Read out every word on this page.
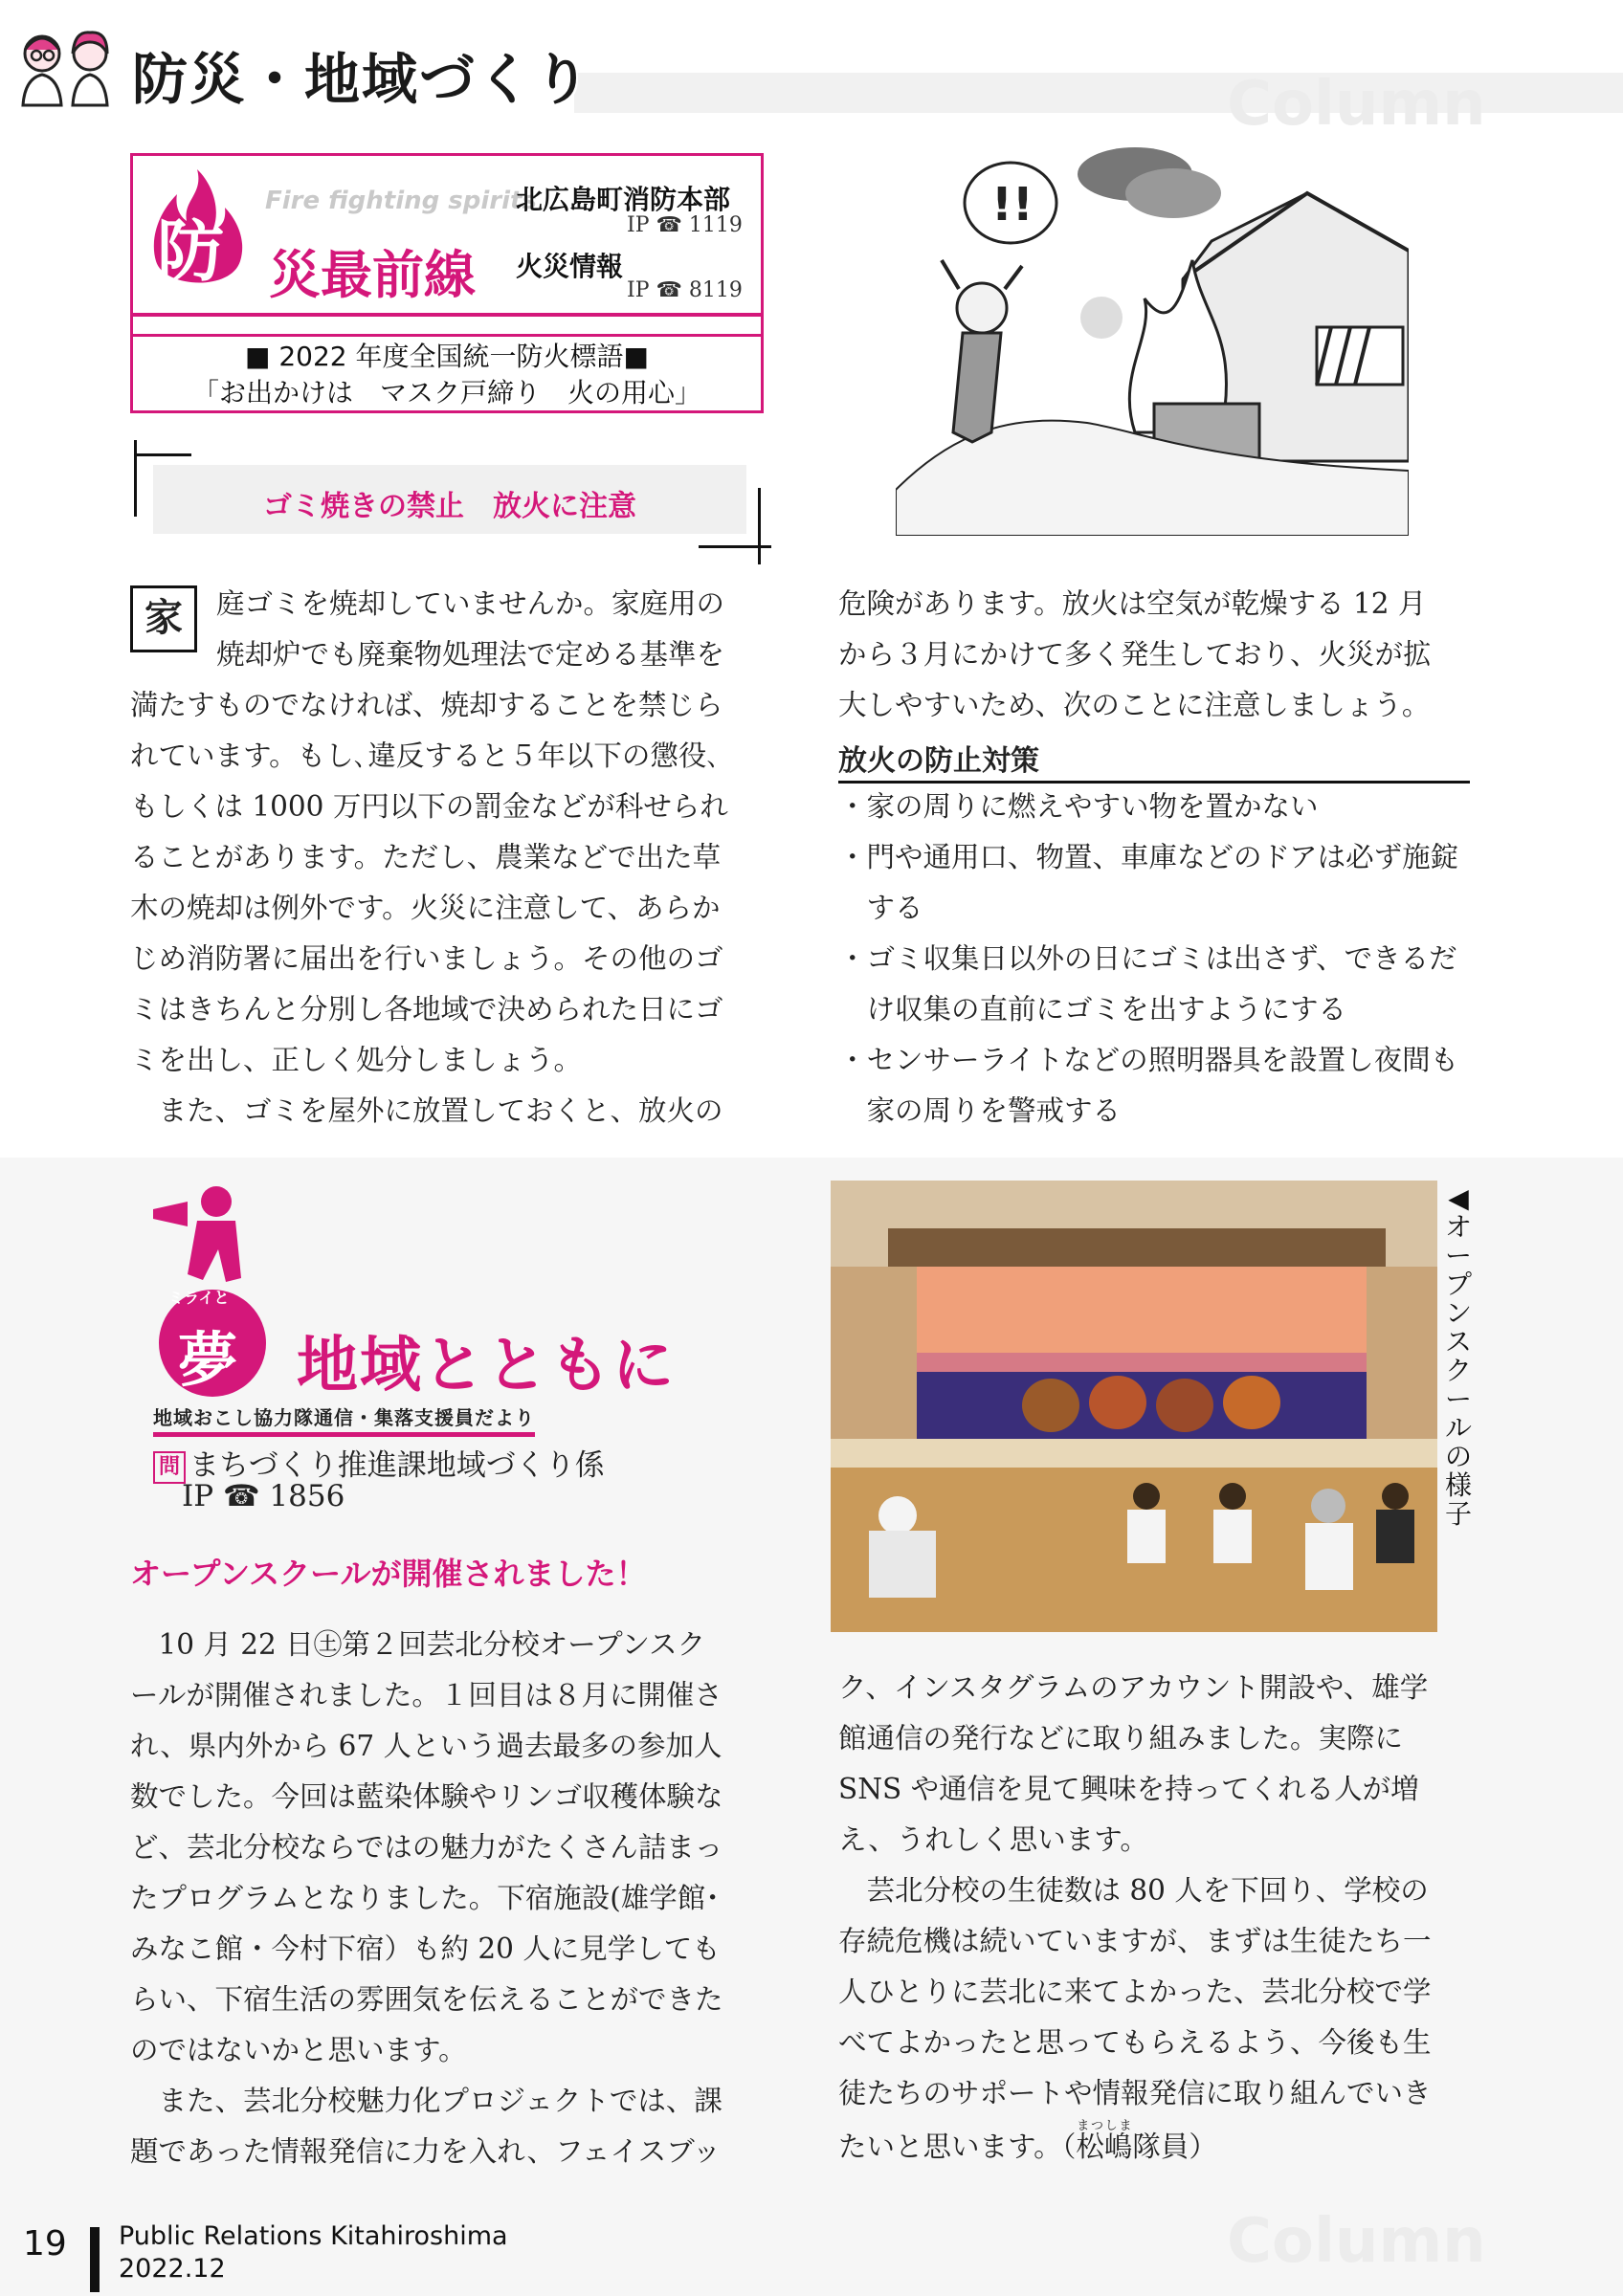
防災・地域づくり	Column
防
Fire fighting spirits
災最前線
北広島町消防本部
IP ☎ 1119
火災情報
IP ☎ 8119
■ 2022 年度全国統一防火標語■
「お出かけは　マスク戸締り　火の用心」
!!
ゴミ焼きの禁止　放火に注意
家	庭ゴミを焼却していませんか。家庭用の
焼却炉でも廃棄物処理法で定める基準を
満たすものでなければ、焼却することを禁じら
れています。もし､違反すると５年以下の懲役､
もしくは 1000 万円以下の罰金などが科せられ
ることがあります。ただし、農業などで出た草
木の焼却は例外です。火災に注意して、あらか
じめ消防署に届出を行いましょう。その他のゴ
ミはきちんと分別し各地域で決められた日にゴ
ミを出し、正しく処分しましょう。
　また、ゴミを屋外に放置しておくと、放火の
危険があります。放火は空気が乾燥する 12 月
から３月にかけて多く発生しており、火災が拡
大しやすいため、次のことに注意しましょう。
放火の防止対策

・家の周りに燃えやすい物を置かない

・門や通用口、物置、車庫などのドアは必ず施錠する

・ゴミ収集日以外の日にゴミは出さず、できるだけ収集の直前にゴミを出すようにする

・センサーライトなどの照明器具を設置し夜間も家の周りを警戒する

ミライと
夢 地域とともに
地域おこし協力隊通信・集落支援員だより
問 まちづくり推進課地域づくり係
IP ☎ 1856
オープンスクールが開催されました！
◀オープンスクールの様子
　10 月 22 日㊏第２回芸北分校オープンスク
ールが開催されました。１回目は８月に開催さ
れ、県内外から 67 人という過去最多の参加人
数でした。今回は藍染体験やリンゴ収穫体験な
ど、芸北分校ならではの魅力がたくさん詰まっ
たプログラムとなりました。下宿施設(雄学館･
みなこ館・今村下宿）も約 20 人に見学しても
らい、下宿生活の雰囲気を伝えることができた
のではないかと思います。
　また、芸北分校魅力化プロジェクトでは、課
題であった情報発信に力を入れ、フェイスブッ
ク、インスタグラムのアカウント開設や、雄学
館通信の発行などに取り組みました。実際に
SNS や通信を見て興味を持ってくれる人が増
え、うれしく思います。
　芸北分校の生徒数は 80 人を下回り、学校の
存続危機は続いていますが、まずは生徒たち一
人ひとりに芸北に来てよかった、芸北分校で学
べてよかったと思ってもらえるよう、今後も生
徒たちのサポートや情報発信に取り組んでいき
たいと思います。（松嶋まつしま隊員）
19 Public Relations Kitahiroshima
2022.12	Column
